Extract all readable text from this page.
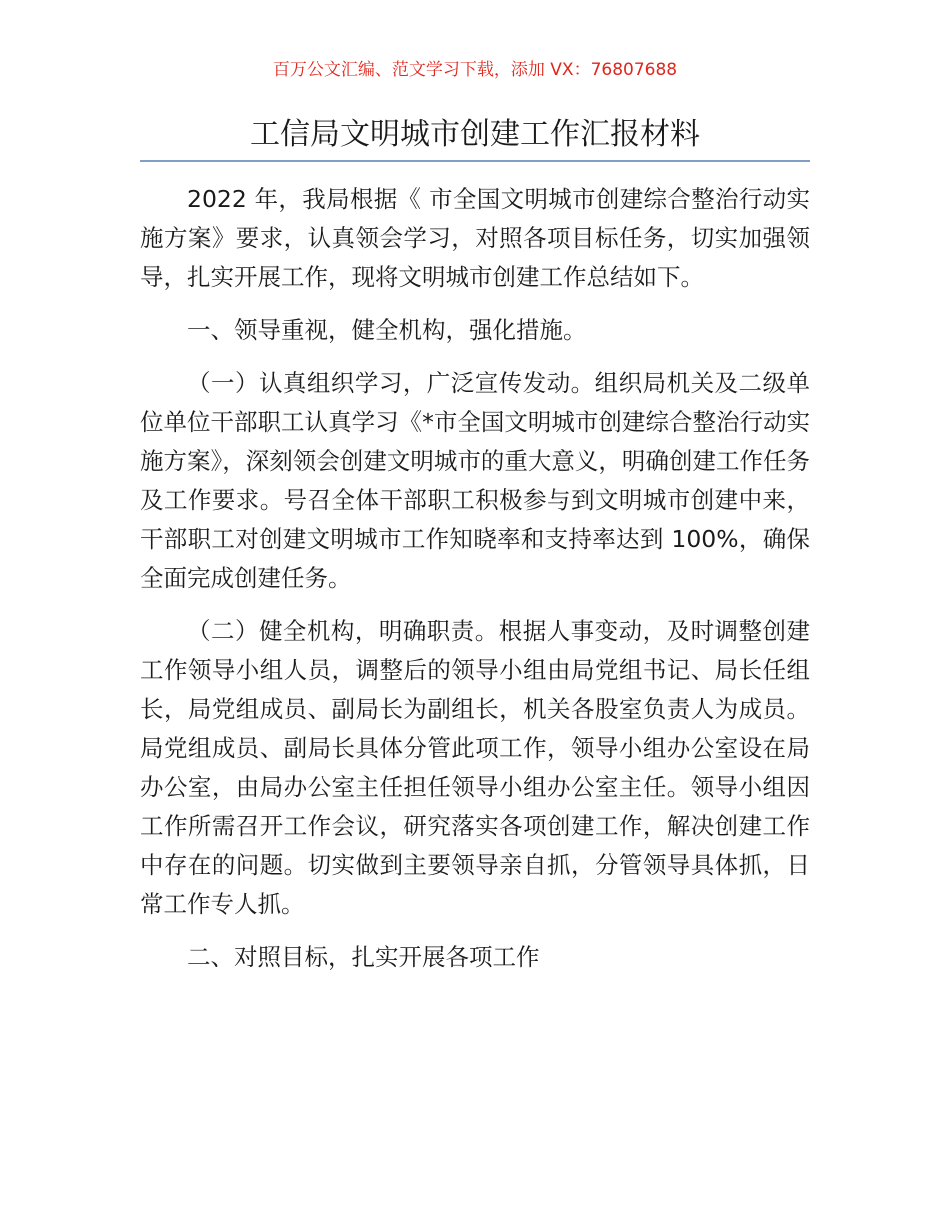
百万公文汇编、范文学习下载，添加 VX：76807688
工信局文明城市创建工作汇报材料

2022 年，我局根据《 市全国文明城市创建综合整治行动实施方案》要求，认真领会学习，对照各项目标任务，切实加强领导，扎实开展工作，现将文明城市创建工作总结如下。

一、领导重视，健全机构，强化措施。

（一）认真组织学习，广泛宣传发动。组织局机关及二级单位单位干部职工认真学习《*市全国文明城市创建综合整治行动实施方案》，深刻领会创建文明城市的重大意义，明确创建工作任务及工作要求。号召全体干部职工积极参与到文明城市创建中来，干部职工对创建文明城市工作知晓率和支持率达到 100%，确保全面完成创建任务。

（二）健全机构，明确职责。根据人事变动，及时调整创建工作领导小组人员，调整后的领导小组由局党组书记、局长任组长，局党组成员、副局长为副组长，机关各股室负责人为成员。局党组成员、副局长具体分管此项工作，领导小组办公室设在局办公室，由局办公室主任担任领导小组办公室主任。领导小组因工作所需召开工作会议，研究落实各项创建工作，解决创建工作中存在的问题。切实做到主要领导亲自抓，分管领导具体抓，日常工作专人抓。

二、对照目标，扎实开展各项工作
